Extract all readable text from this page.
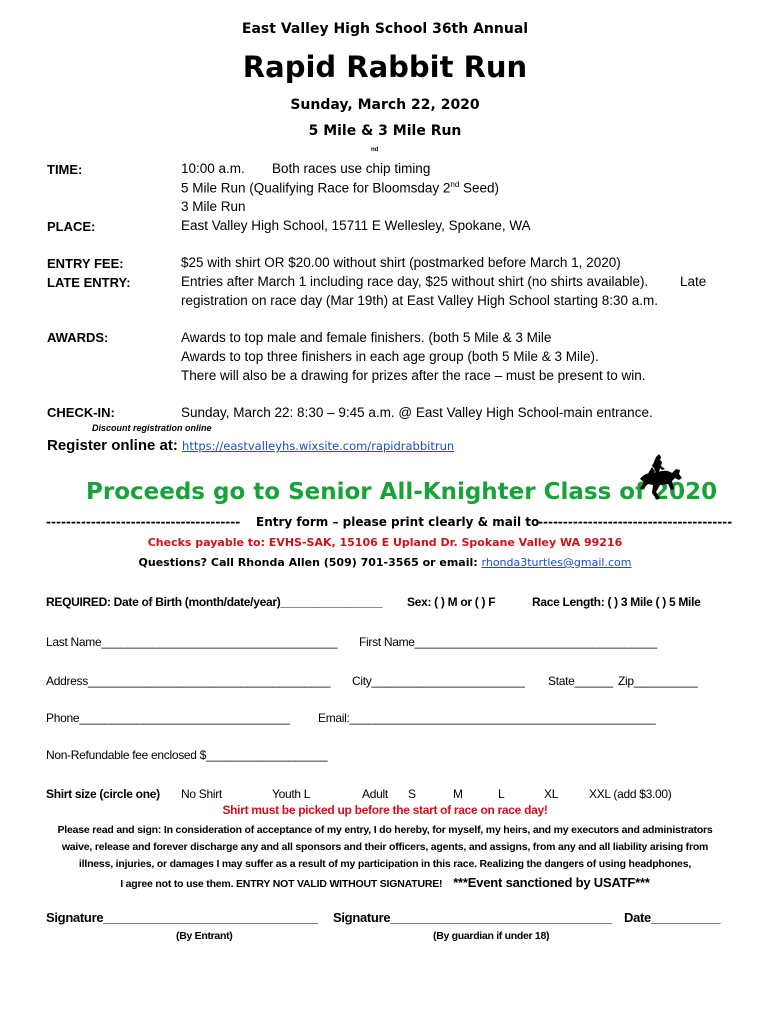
East Valley High School 36th Annual
Rapid Rabbit Run
Sunday, March 22, 2020
5 Mile & 3 Mile Run
nd
TIME:	10:00 a.m. Both races use chip timing
5 Mile Run (Qualifying Race for Bloomsday 2nd Seed)
3 Mile Run
PLACE:	East Valley High School, 15711 E Wellesley, Spokane, WA
ENTRY FEE:	$25 with shirt OR $20.00 without shirt (postmarked before March 1, 2020)
LATE ENTRY:	Entries after March 1 including race day, $25 without shirt (no shirts available). Late
registration on race day (Mar 19th) at East Valley High School starting 8:30 a.m.
AWARDS:	Awards to top male and female finishers. (both 5 Mile & 3 Mile
Awards to top three finishers in each age group (both 5 Mile & 3 Mile).
There will also be a drawing for prizes after the race – must be present to win.
CHECK-IN:	Sunday, March 22: 8:30 – 9:45 a.m. @ East Valley High School-main entrance.
Discount registration online
Register online at: https://eastvalleyhs.wixsite.com/rapidrabbitrun
Proceeds go to Senior All-Knighter Class of 2020
--------------------------------------- Entry form – please print clearly & mail to
---------------------------------------
Checks payable to: EVHS-SAK, 15106 E Upland Dr. Spokane Valley WA 99216
Questions? Call Rhonda Allen (509) 701-3565 or email: rhonda3turtles@gmail.com
REQUIRED: Date of Birth (month/date/year)________________ Sex: ( ) M or ( ) F	Race Length: ( ) 3 Mile ( ) 5 Mile
Last Name_____________________________________ First Name______________________________________
Address______________________________________ City________________________ State______ Zip__________
Phone_________________________________ Email:________________________________________________
Non-Refundable fee enclosed $___________________
Shirt size (circle one) No Shirt	Youth L	Adult S	M	L	XL	XXL (add $3.00)
Shirt must be picked up before the start of race on race day!
Please read and sign: In consideration of acceptance of my entry, I do hereby, for myself, my heirs, and my executors and administrators
waive, release and forever discharge any and all sponsors and their officers, agents, and assigns, from any and all liability arising from
illness, injuries, or damages I may suffer as a result of my participation in this race. Realizing the dangers of using headphones,
I agree not to use them. ENTRY NOT VALID WITHOUT SIGNATURE! ***Event sanctioned by USATF***
Signature_______________________________ Signature________________________________ Date__________
(By Entrant)	(By guardian if under 18)
